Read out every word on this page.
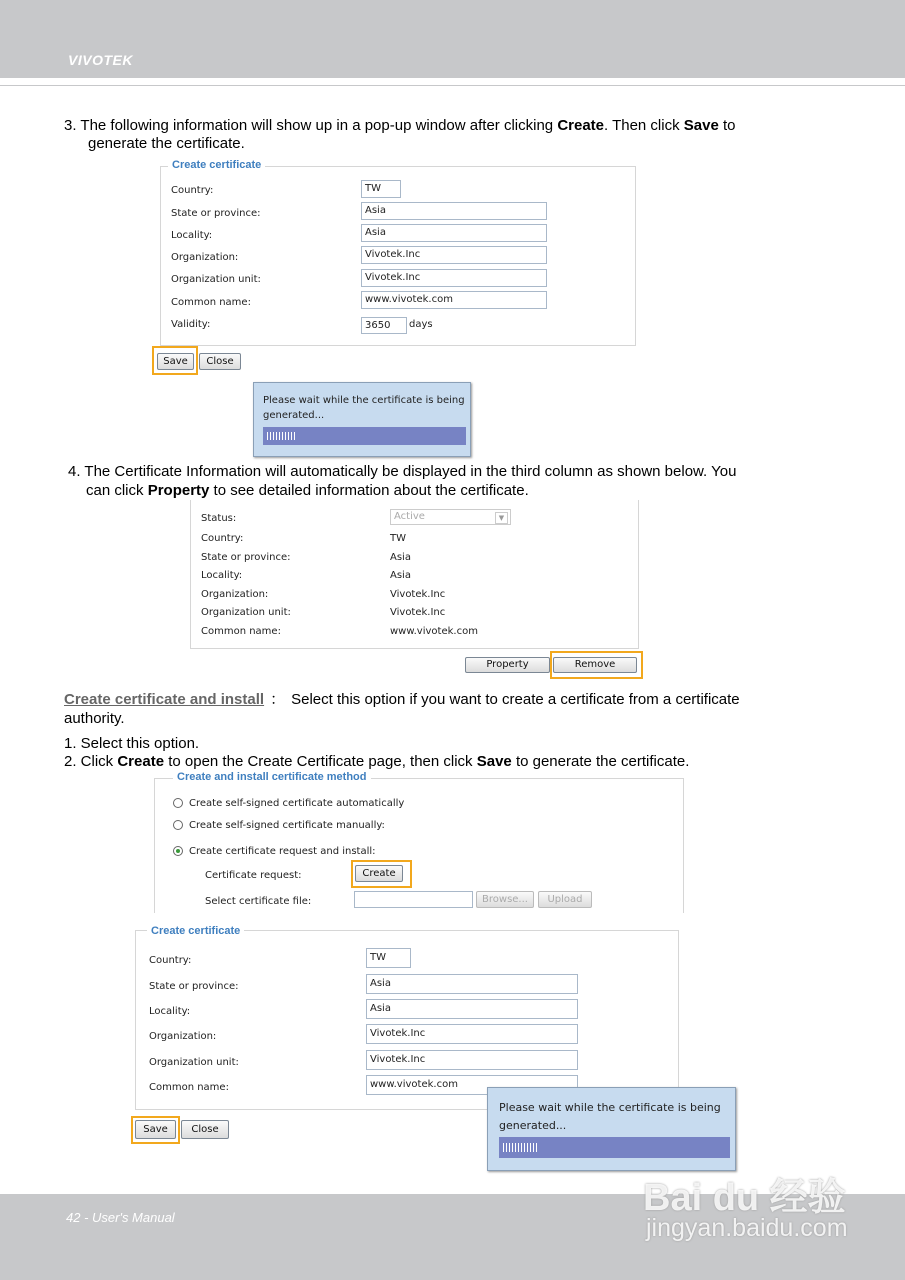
VIVOTEK
42 - User's Manual
3. The following information will show up in a pop-up window after clicking Create. Then click Save to
generate the certificate.
Create certificate
Country:	TW
State or province:	Asia
Locality:	Asia
Organization:	Vivotek.Inc
Organization unit:	Vivotek.Inc
Common name:	www.vivotek.com
Validity:	3650	days
Save	Close
Please wait while the certificate is being
generated...
4. The Certificate Information will automatically be displayed in the third column as shown below. You
can click Property to see detailed information about the certificate.
Status:	Active	▼
Country:	TW
State or province:	Asia
Locality:	Asia
Organization:	Vivotek.Inc
Organization unit:	Vivotek.Inc
Common name:	www.vivotek.com
Property	Remove
Create certificate and install ： Select this option if you want to create a certificate from a certificate
authority.
1. Select this option.
2. Click Create to open the Create Certificate page, then click Save to generate the certificate.
Create and install certificate method
Create self-signed certificate automatically
Create self-signed certificate manually:
Create certificate request and install:
Certificate request:	Create
Select certificate file:	Browse...	Upload
Create certificate
Country:	TW
State or province:	Asia
Locality:	Asia
Organization:	Vivotek.Inc
Organization unit:	Vivotek.Inc
Common name:	www.vivotek.com
Save	Close
Please wait while the certificate is being
generated...
Bai du 经验
jingyan.baidu.com
